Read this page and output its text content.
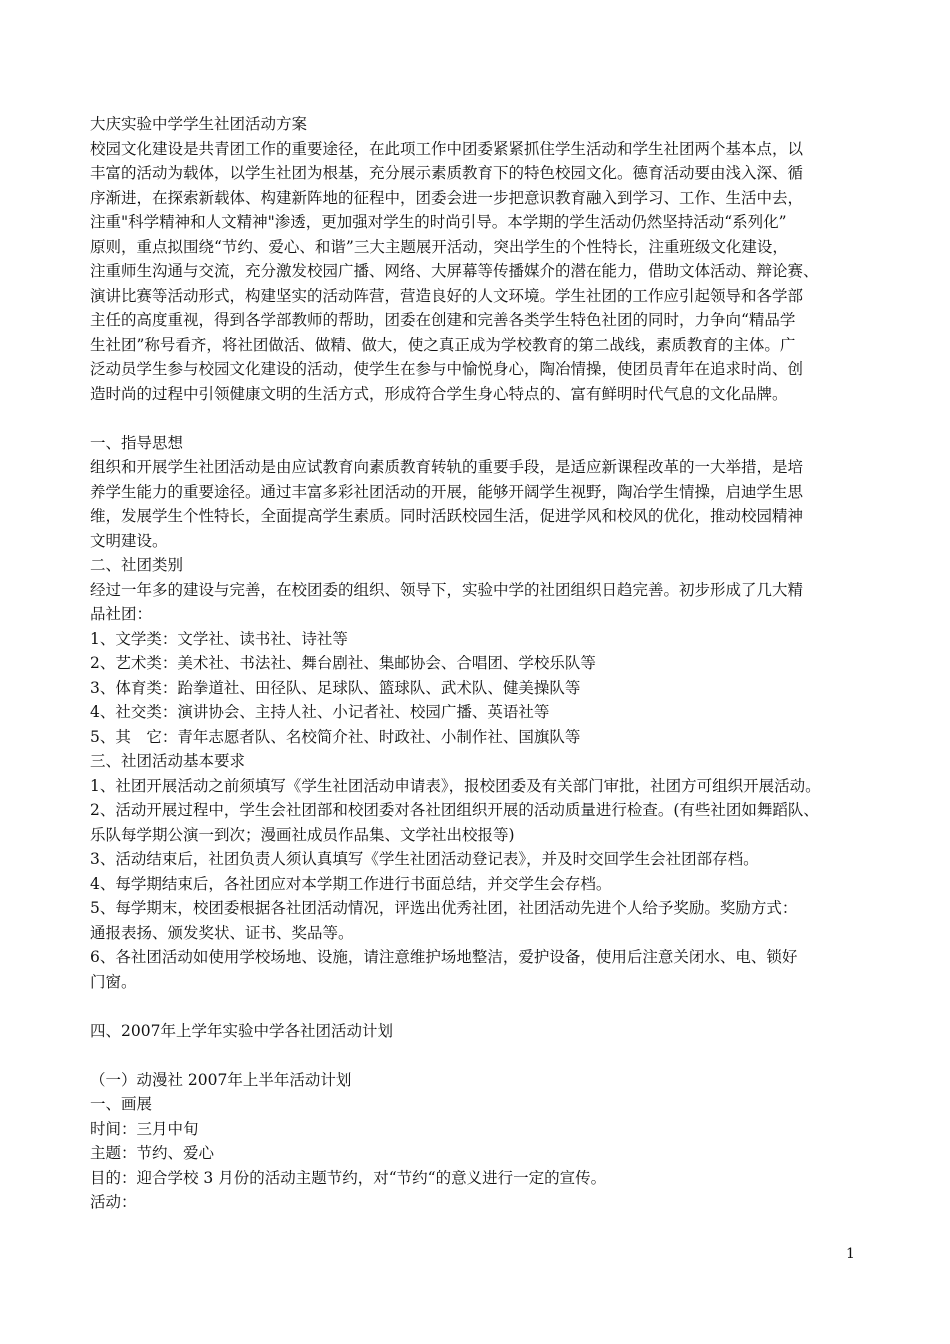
大庆实验中学学生社团活动方案
校园文化建设是共青团工作的重要途径，在此项工作中团委紧紧抓住学生活动和学生社团两个基本点，以
丰富的活动为载体，以学生社团为根基，充分展示素质教育下的特色校园文化。德育活动要由浅入深、循
序渐进，在探索新载体、构建新阵地的征程中，团委会进一步把意识教育融入到学习、工作、生活中去，
注重"科学精神和人文精神"渗透，更加强对学生的时尚引导。本学期的学生活动仍然坚持活动“系列化”
原则，重点拟围绕“节约、爱心、和谐”三大主题展开活动，突出学生的个性特长，注重班级文化建设，
注重师生沟通与交流，充分激发校园广播、网络、大屏幕等传播媒介的潜在能力，借助文体活动、辩论赛、
演讲比赛等活动形式，构建坚实的活动阵营，营造良好的人文环境。学生社团的工作应引起领导和各学部
主任的高度重视，得到各学部教师的帮助，团委在创建和完善各类学生特色社团的同时，力争向“精品学
生社团”称号看齐，将社团做活、做精、做大，使之真正成为学校教育的第二战线，素质教育的主体。广
泛动员学生参与校园文化建设的活动，使学生在参与中愉悦身心，陶冶情操，使团员青年在追求时尚、创
造时尚的过程中引领健康文明的生活方式，形成符合学生身心特点的、富有鲜明时代气息的文化品牌。
一、指导思想
组织和开展学生社团活动是由应试教育向素质教育转轨的重要手段，是适应新课程改革的一大举措，是培
养学生能力的重要途径。通过丰富多彩社团活动的开展，能够开阔学生视野，陶冶学生情操，启迪学生思
维，发展学生个性特长，全面提高学生素质。同时活跃校园生活，促进学风和校风的优化，推动校园精神
文明建设。
二、社团类别
经过一年多的建设与完善，在校团委的组织、领导下，实验中学的社团组织日趋完善。初步形成了几大精
品社团：
1、文学类：文学社、读书社、诗社等
2、艺术类：美术社、书法社、舞台剧社、集邮协会、合唱团、学校乐队等
3、体育类：跆拳道社、田径队、足球队、篮球队、武术队、健美操队等
4、社交类：演讲协会、主持人社、小记者社、校园广播、英语社等
5、其　它：青年志愿者队、名校简介社、时政社、小制作社、国旗队等
三、社团活动基本要求
1、社团开展活动之前须填写《学生社团活动申请表》，报校团委及有关部门审批，社团方可组织开展活动。
2、活动开展过程中，学生会社团部和校团委对各社团组织开展的活动质量进行检查。(有些社团如舞蹈队、
乐队每学期公演一到次；漫画社成员作品集、文学社出校报等)
3、活动结束后，社团负责人须认真填写《学生社团活动登记表》，并及时交回学生会社团部存档。
4、每学期结束后，各社团应对本学期工作进行书面总结，并交学生会存档。
5、每学期末，校团委根据各社团活动情况，评选出优秀社团，社团活动先进个人给予奖励。奖励方式：
通报表扬、颁发奖状、证书、奖品等。
6、各社团活动如使用学校场地、设施，请注意维护场地整洁，爱护设备，使用后注意关闭水、电、锁好
门窗。
四、2007年上学年实验中学各社团活动计划
（一）动漫社 2007年上半年活动计划
一、画展
时间：三月中旬
主题：节约、爱心
目的：迎合学校 3 月份的活动主题节约，对“节约“的意义进行一定的宣传。
活动：
1
